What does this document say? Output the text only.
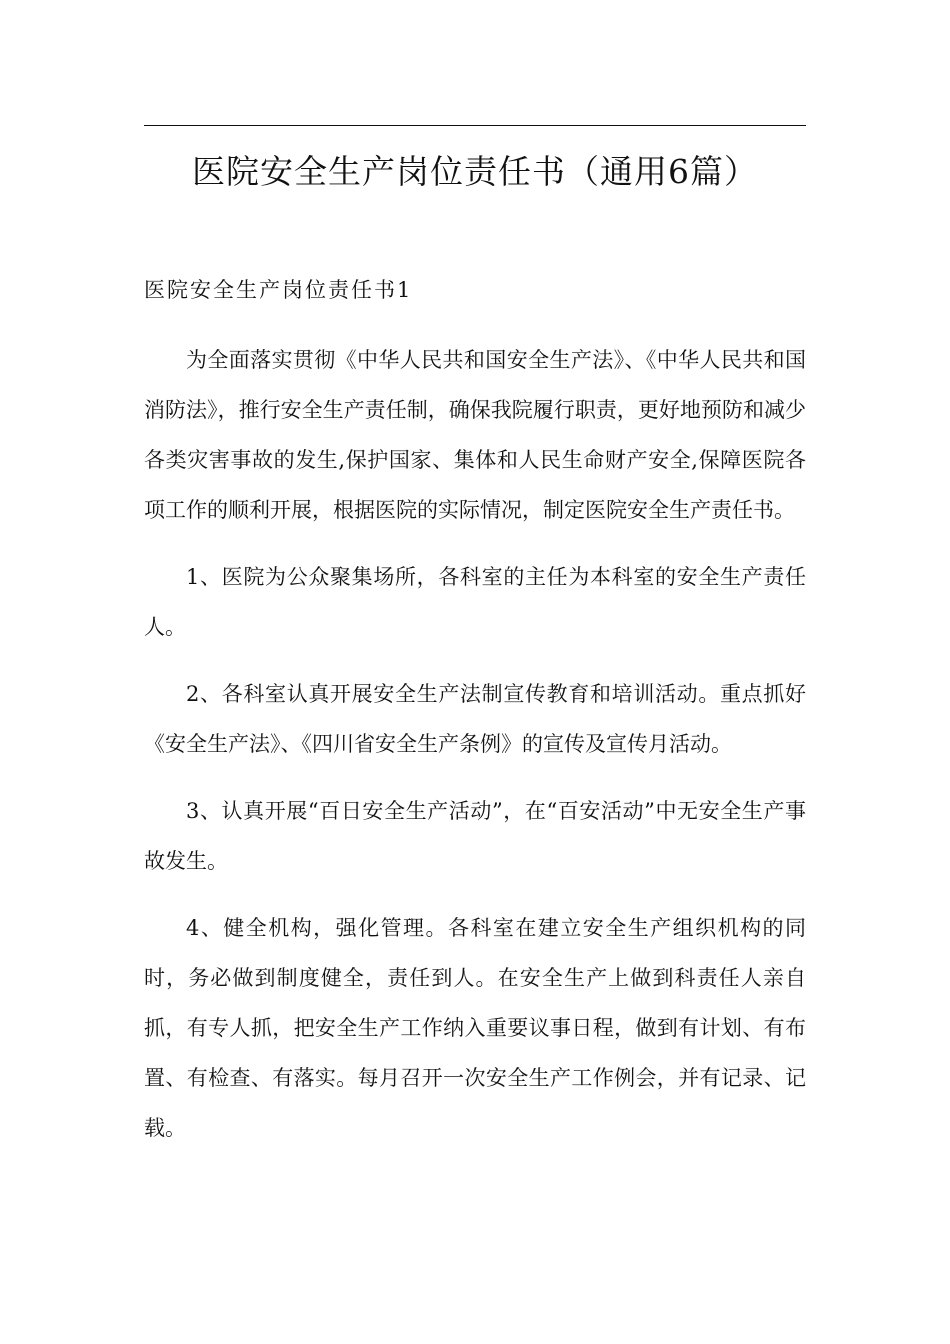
医院安全生产岗位责任书（通用6篇）
医院安全生产岗位责任书1

为全面落实贯彻《中华人民共和国安全生产法》、《中华人民共和国消防法》，推行安全生产责任制，确保我院履行职责，更好地预防和减少各类灾害事故的发生,保护国家、集体和人民生命财产安全,保障医院各项工作的顺利开展，根据医院的实际情况，制定医院安全生产责任书。

1、医院为公众聚集场所，各科室的主任为本科室的安全生产责任人。

2、各科室认真开展安全生产法制宣传教育和培训活动。重点抓好《安全生产法》、《四川省安全生产条例》的宣传及宣传月活动。

3、认真开展“百日安全生产活动”，在“百安活动”中无安全生产事故发生。

4、健全机构，强化管理。各科室在建立安全生产组织机构的同时，务必做到制度健全，责任到人。在安全生产上做到科责任人亲自抓，有专人抓，把安全生产工作纳入重要议事日程，做到有计划、有布置、有检查、有落实。每月召开一次安全生产工作例会，并有记录、记载。
